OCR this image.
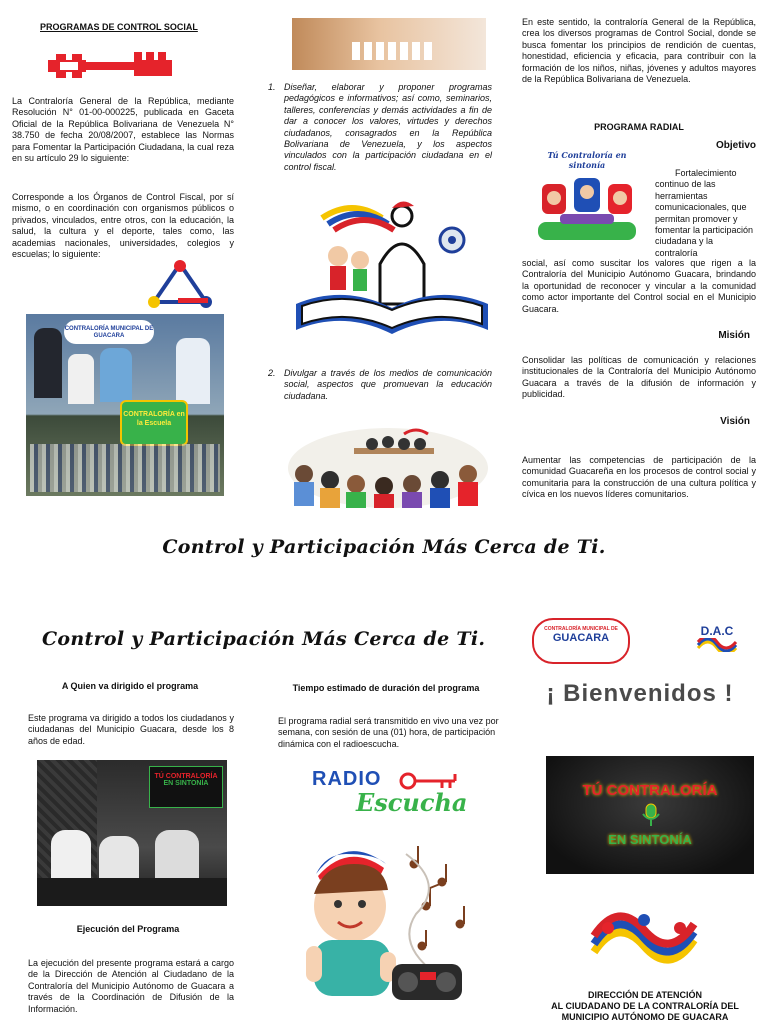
PROGRAMAS DE CONTROL SOCIAL

La Contraloría General de la República, mediante Resolución N° 01-00-000225, publicada en Gaceta Oficial de la República Bolivariana de Venezuela N° 38.750 de fecha 20/08/2007, establece las Normas para Fomentar la Participación Ciudadana, la cual reza en su artículo 29 lo siguiente:

Corresponde a los Órganos de Control Fiscal, por sí mismo, o en coordinación con organismos públicos o privados, vinculados, entre otros, con la educación, la salud, la cultura y el deporte, tales como, las academias nacionales, universidades, colegios y escuelas; lo siguiente:

CONTRALORÍA MUNICIPAL DE GUACARA
CONTRALORÍA en la Escuela
1. Diseñar, elaborar y proponer programas pedagógicos e informativos; así como, seminarios, talleres, conferencias y demás actividades a fin de dar a conocer los valores, virtudes y derechos ciudadanos, consagrados en la República Bolivariana de Venezuela, y los aspectos vinculados con la participación ciudadana en el control fiscal.

2. Divulgar a través de los medios de comunicación social, aspectos que promuevan la educación ciudadana.

En este sentido, la contraloría General de la República, crea los diversos programas de Control Social, donde se busca fomentar los principios de rendición de cuentas, honestidad, eficiencia y eficacia, para contribuir con la formación de los niños, niñas, jóvenes y adultos mayores de la República Bolivariana de Venezuela.

PROGRAMA RADIAL

Objetivo

Tú Contraloría en sintonía

Fortalecimiento continuo de las herramientas comunicacionales, que permitan promover y fomentar la participación ciudadana y la contraloría

social, así como suscitar los valores que rigen a la Contraloría del Municipio Autónomo Guacara, brindando la oportunidad de reconocer y vincular a la comunidad como actor importante del Control social en el Municipio Guacara.

Misión

Consolidar las políticas de comunicación y relaciones institucionales de la Contraloría del Municipio Autónomo Guacara a través de la difusión de información y publicidad.

Visión

Aumentar las competencias de participación de la comunidad Guacareña en los procesos de control social y comunitaria para la construcción de una cultura política y cívica en los nuevos líderes comunitarios.

Control y Participación Más Cerca de Ti.
Control y Participación Más Cerca de Ti.	CONTRALORÍA MUNICIPAL DE
GUACARA	D.A.C

A Quien va dirigido el programa

Este programa va dirigido a todos los ciudadanos y ciudadanas del Municipio Guacara, desde los 8 años de edad.

TÚ CONTRALORÍA
EN SINTONÍA

Ejecución del Programa

La ejecución del presente programa estará a cargo de la Dirección de Atención al Ciudadano de la Contraloría del Municipio Autónomo de Guacara a través de la Coordinación de Difusión de la Información.

Tiempo estimado de duración del programa

El programa radial será transmitido en vivo una vez por semana, con sesión de una (01) hora, de participación dinámica con el radioescucha.

RADIO
Escucha
¡ Bienvenidos !
TÚ CONTRALORÍA
EN SINTONÍA
DIRECCIÓN DE ATENCIÓN
AL CIUDADANO DE LA CONTRALORÍA DEL
MUNICIPIO AUTÓNOMO DE GUACARA
